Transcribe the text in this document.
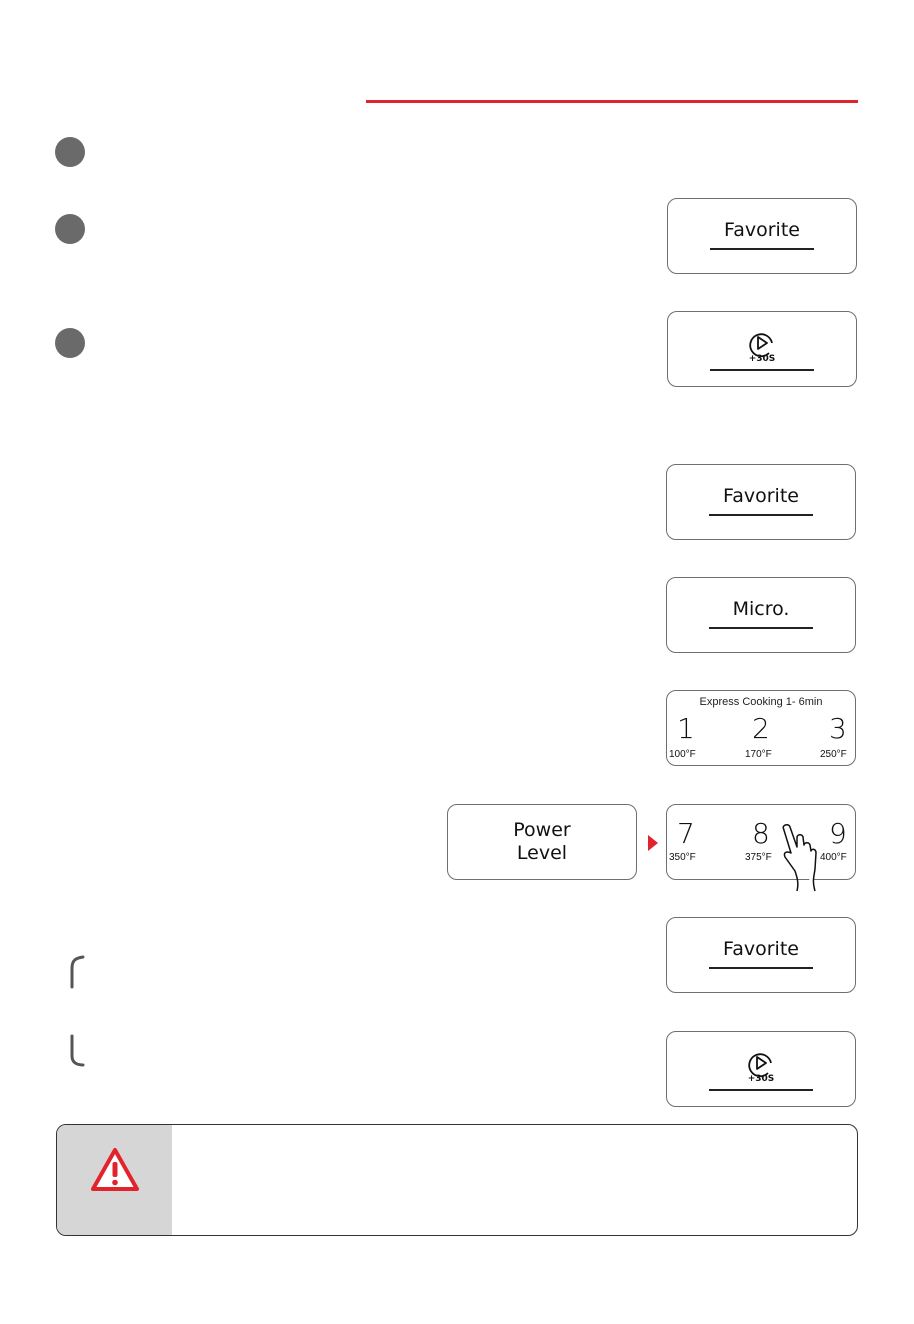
Favorite
+30S
Favorite
Micro.
Express Cooking 1- 6min
1 2 3
100°F	170°F	250°F
Power
Level
7 8 9
350°F	375°F	400°F
Favorite
+30S
